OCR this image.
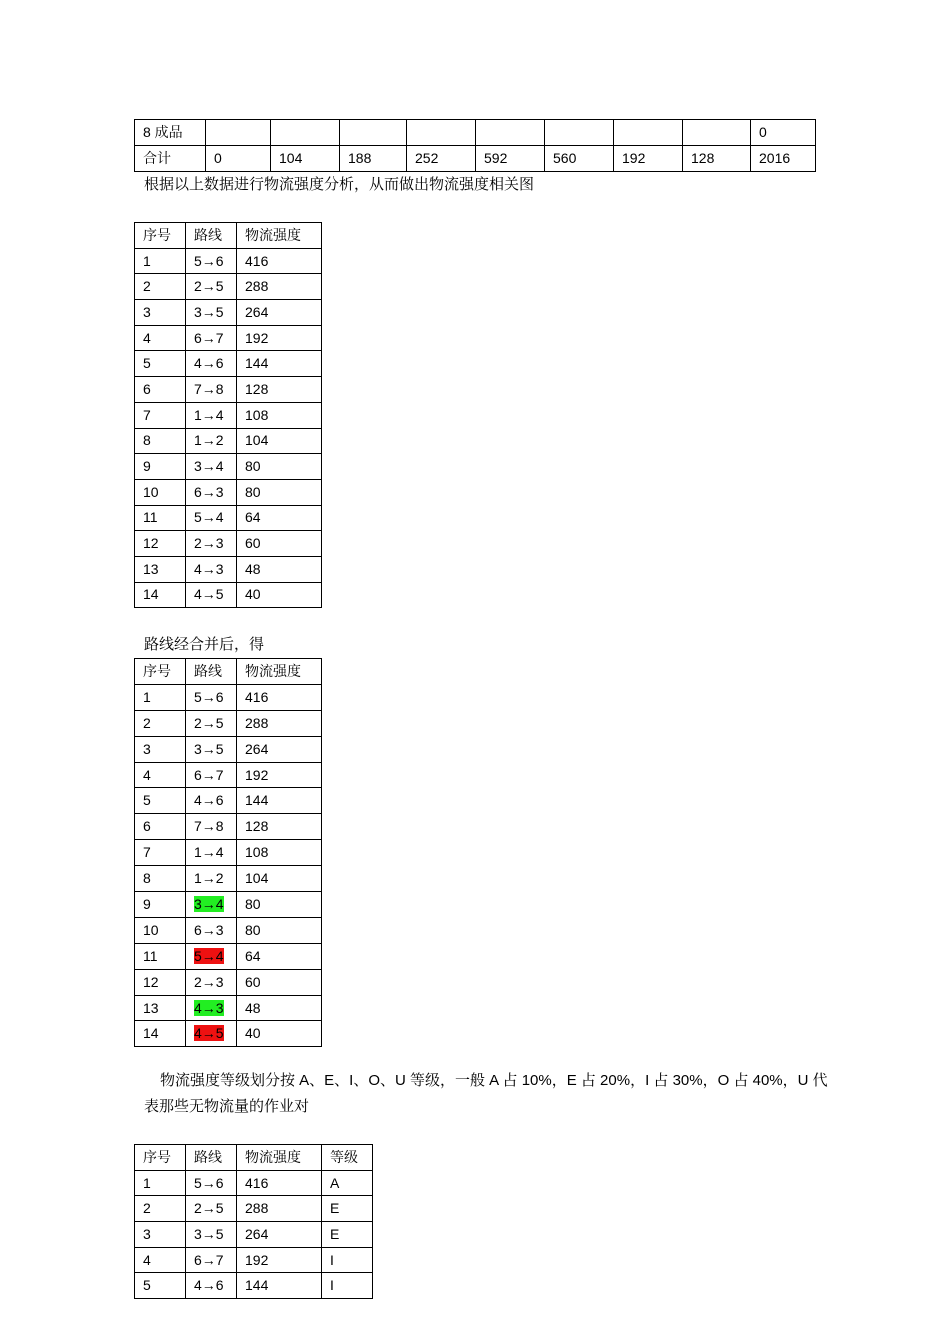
8 成品									0
合计	0	104	188	252	592	560	192	128	2016
根据以上数据进行物流强度分析，从而做出物流强度相关图
序号	路线	物流强度
1	5→6	416
2	2→5	288
3	3→5	264
4	6→7	192
5	4→6	144
6	7→8	128
7	1→4	108
8	1→2	104
9	3→4	80
10	6→3	80
11	5→4	64
12	2→3	60
13	4→3	48
14	4→5	40
路线经合并后，得
序号	路线	物流强度
1	5→6	416
2	2→5	288
3	3→5	264
4	6→7	192
5	4→6	144
6	7→8	128
7	1→4	108
8	1→2	104
9	3→4	80
10	6→3	80
11	5→4	64
12	2→3	60
13	4→3	48
14	4→5	40
物流强度等级划分按 A、E、I、O、U 等级，一般 A 占 10%，E 占 20%，I 占 30%，O 占 40%，U 代
表那些无物流量的作业对
序号	路线	物流强度	等级
1	5→6	416	A
2	2→5	288	E
3	3→5	264	E
4	6→7	192	I
5	4→6	144	I
